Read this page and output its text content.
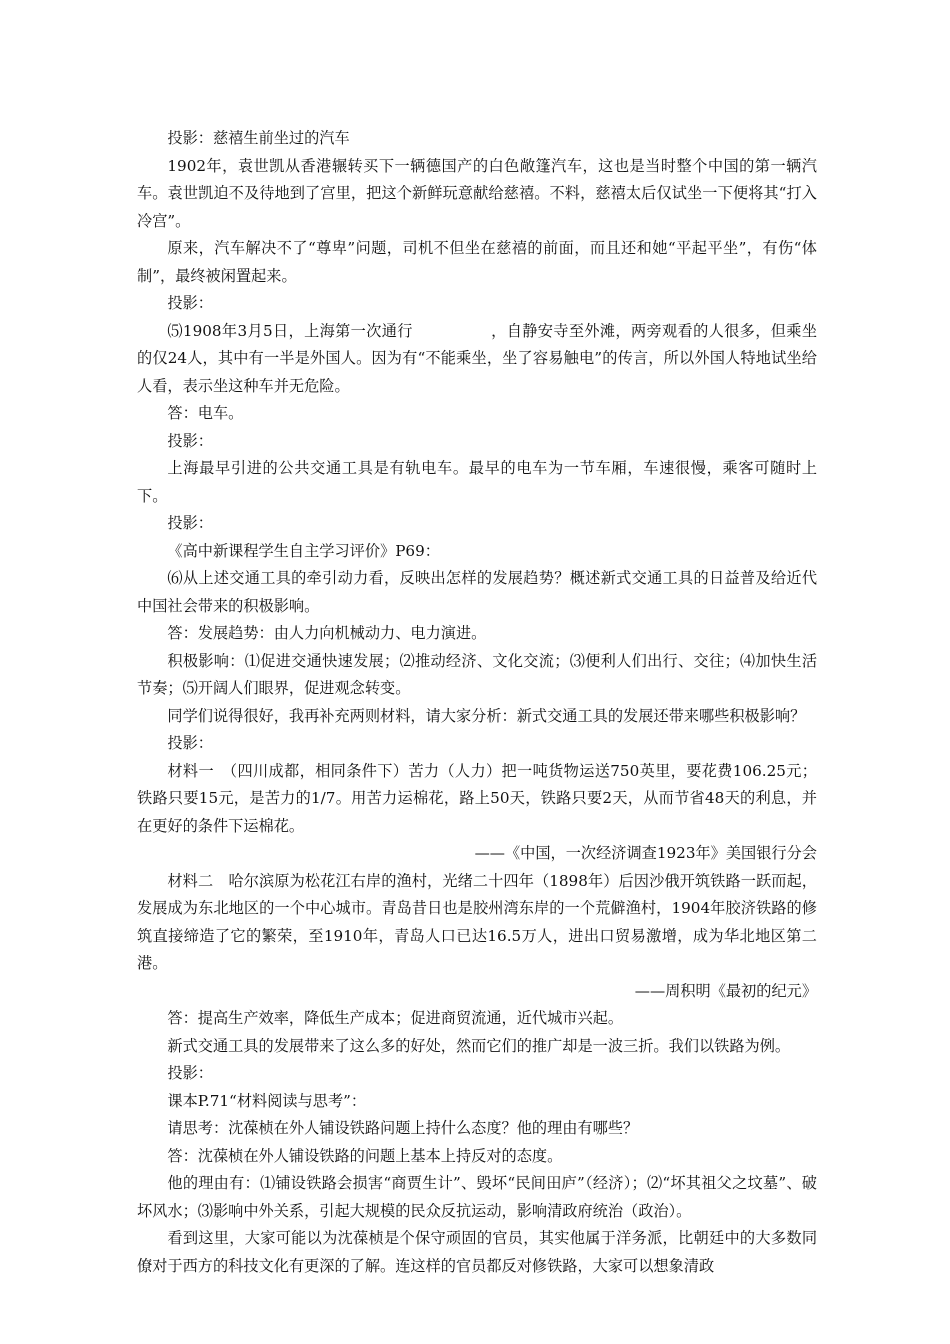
投影：慈禧生前坐过的汽车

1902年，袁世凯从香港辗转买下一辆德国产的白色敞篷汽车，这也是当时整个中国的第一辆汽车。袁世凯迫不及待地到了宫里，把这个新鲜玩意献给慈禧。不料，慈禧太后仅试坐一下便将其“打入冷宫”。

原来，汽车解决不了“尊卑”问题，司机不但坐在慈禧的前面，而且还和她“平起平坐”，有伤“体制”，最终被闲置起来。

投影：

⑸1908年3月5日，上海第一次通行	，自静安寺至外滩，两旁观看的人很多，但乘坐的仅24人，其中有一半是外国人。因为有“不能乘坐，坐了容易触电”的传言，所以外国人特地试坐给人看，表示坐这种车并无危险。

答：电车。

投影：

上海最早引进的公共交通工具是有轨电车。最早的电车为一节车厢，车速很慢，乘客可随时上下。

投影：

《高中新课程学生自主学习评价》P69：

⑹从上述交通工具的牵引动力看，反映出怎样的发展趋势？概述新式交通工具的日益普及给近代中国社会带来的积极影响。

答：发展趋势：由人力向机械动力、电力演进。

积极影响：⑴促进交通快速发展；⑵推动经济、文化交流；⑶便利人们出行、交往；⑷加快生活节奏；⑸开阔人们眼界，促进观念转变。

同学们说得很好，我再补充两则材料，请大家分析：新式交通工具的发展还带来哪些积极影响？

投影：

材料一　（四川成都，相同条件下）苦力（人力）把一吨货物运送750英里，要花费106.25元；铁路只要15元，是苦力的1/7。用苦力运棉花，路上50天，铁路只要2天，从而节省48天的利息，并在更好的条件下运棉花。

——《中国，一次经济调查1923年》美国银行分会

材料二　哈尔滨原为松花江右岸的渔村，光绪二十四年（1898年）后因沙俄开筑铁路一跃而起，发展成为东北地区的一个中心城市。青岛昔日也是胶州湾东岸的一个荒僻渔村，1904年胶济铁路的修筑直接缔造了它的繁荣，至1910年，青岛人口已达16.5万人，进出口贸易激增，成为华北地区第二港。

——周积明《最初的纪元》

答：提高生产效率，降低生产成本；促进商贸流通，近代城市兴起。

新式交通工具的发展带来了这么多的好处，然而它们的推广却是一波三折。我们以铁路为例。

投影：

课本P.71“材料阅读与思考”：

请思考：沈葆桢在外人铺设铁路问题上持什么态度？他的理由有哪些？

答：沈葆桢在外人铺设铁路的问题上基本上持反对的态度。

他的理由有：⑴铺设铁路会损害“商贾生计”、毁坏“民间田庐”（经济）；⑵“坏其祖父之坟墓”、破坏风水；⑶影响中外关系，引起大规模的民众反抗运动，影响清政府统治（政治）。

看到这里，大家可能以为沈葆桢是个保守顽固的官员，其实他属于洋务派，比朝廷中的大多数同僚对于西方的科技文化有更深的了解。连这样的官员都反对修铁路，大家可以想象清政
